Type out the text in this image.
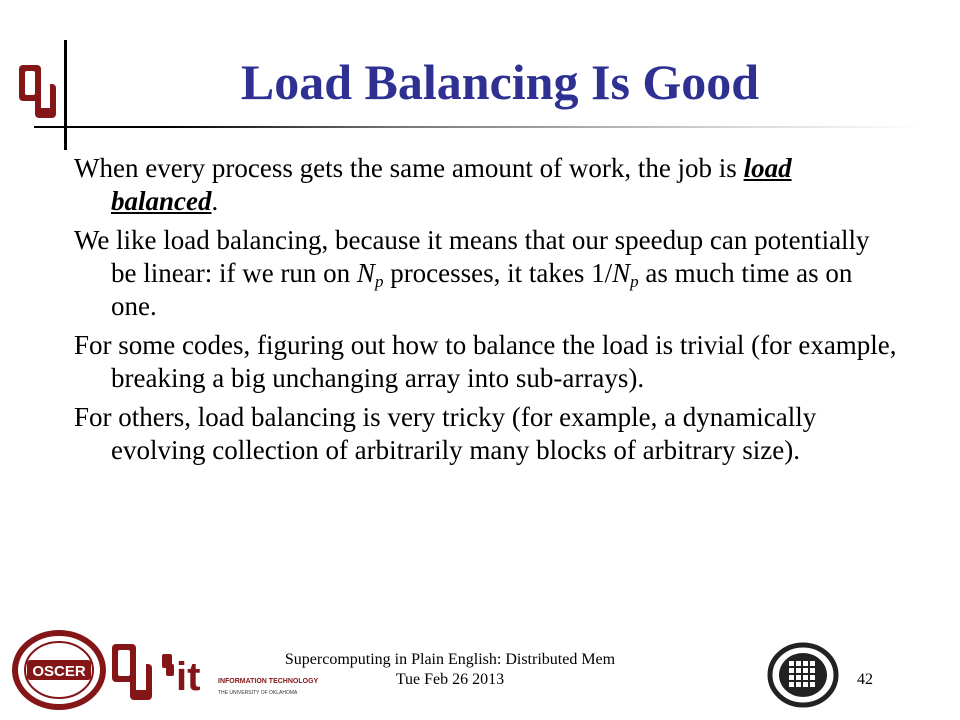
OU	Load Balancing Is Good

When every process gets the same amount of work, the job is load balanced.

We like load balancing, because it means that our speedup can potentially be linear: if we run on $N_p$ processes, it takes $1/N_p$ as much time as on one.

For some codes, figuring out how to balance the load is trivial (for example, breaking a big unchanging array into sub-arrays).

For others, load balancing is very tricky (for example, a dynamically evolving collection of arbitrarily many blocks of arbitrary size).

OSCER
OU
it	INFORMATION TECHNOLOGY
THE UNIVERSITY OF OKLAHOMA
Supercomputing in Plain English: Distributed Mem
Tue Feb 26 2013	42
